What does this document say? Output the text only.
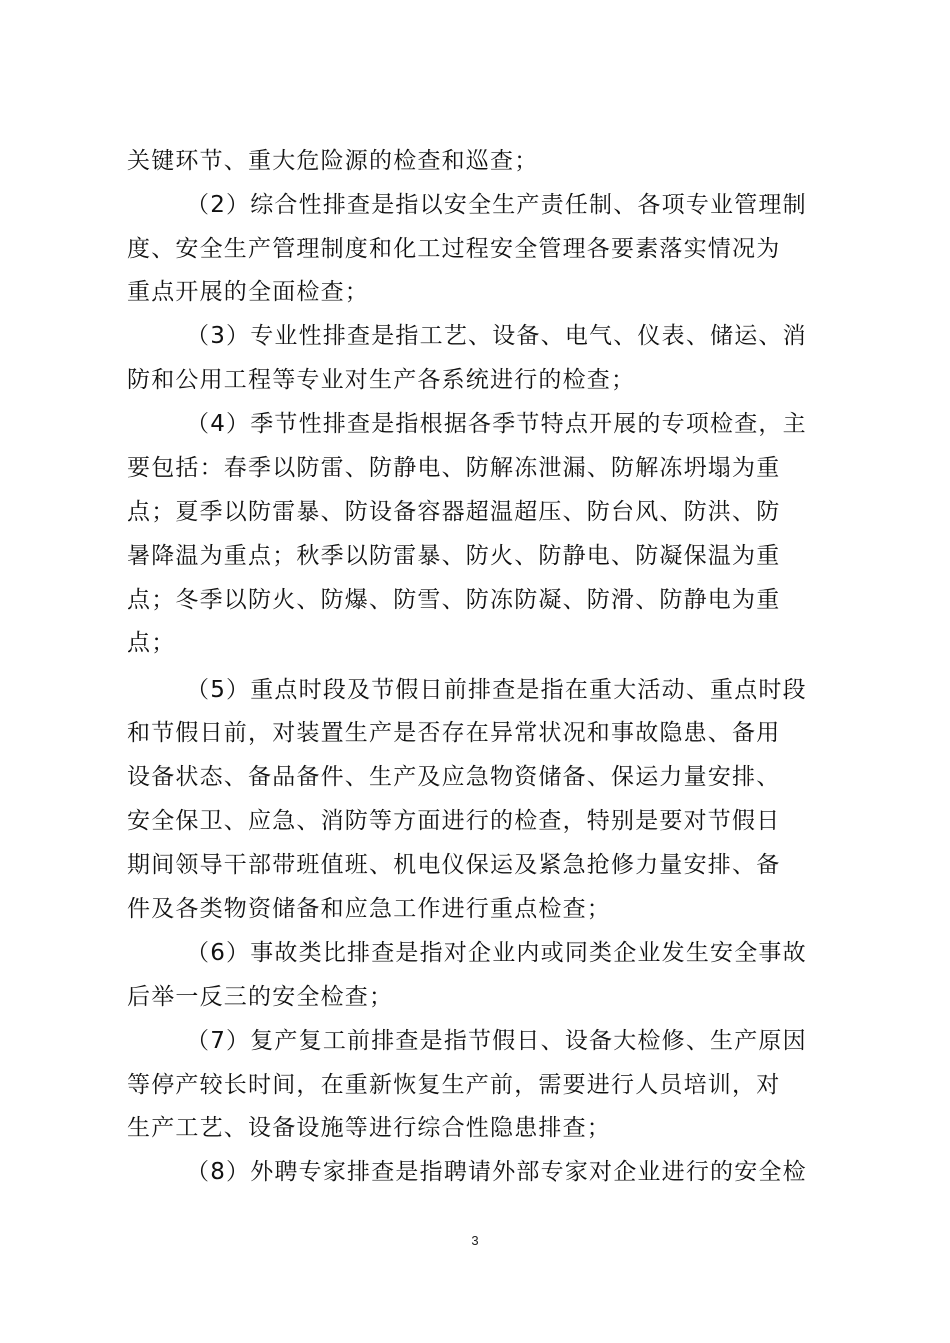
关键环节、重大危险源的检查和巡查；
（2）综合性排查是指以安全生产责任制、各项专业管理制
度、安全生产管理制度和化工过程安全管理各要素落实情况为
重点开展的全面检查；
（3）专业性排查是指工艺、设备、电气、仪表、储运、消
防和公用工程等专业对生产各系统进行的检查；
（4）季节性排查是指根据各季节特点开展的专项检查，主
要包括：春季以防雷、防静电、防解冻泄漏、防解冻坍塌为重
点；夏季以防雷暴、防设备容器超温超压、防台风、防洪、防
暑降温为重点；秋季以防雷暴、防火、防静电、防凝保温为重
点；冬季以防火、防爆、防雪、防冻防凝、防滑、防静电为重
点；
（5）重点时段及节假日前排查是指在重大活动、重点时段
和节假日前，对装置生产是否存在异常状况和事故隐患、备用
设备状态、备品备件、生产及应急物资储备、保运力量安排、
安全保卫、应急、消防等方面进行的检查，特别是要对节假日
期间领导干部带班值班、机电仪保运及紧急抢修力量安排、备
件及各类物资储备和应急工作进行重点检查；
（6）事故类比排查是指对企业内或同类企业发生安全事故
后举一反三的安全检查；
（7）复产复工前排查是指节假日、设备大检修、生产原因
等停产较长时间，在重新恢复生产前，需要进行人员培训，对
生产工艺、设备设施等进行综合性隐患排查；
（8）外聘专家排查是指聘请外部专家对企业进行的安全检
3
